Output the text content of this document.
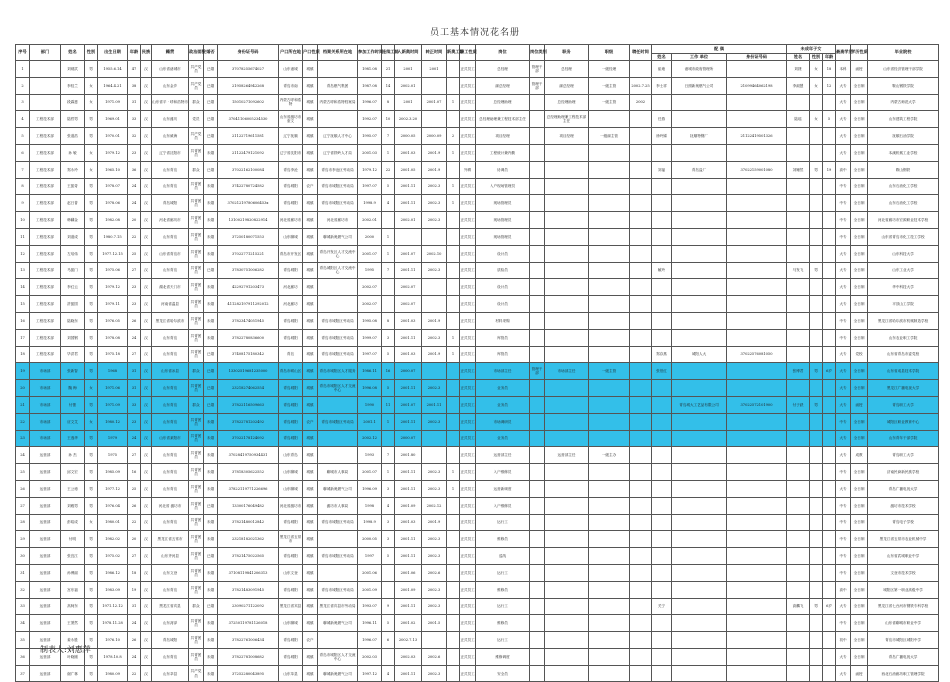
员工基本情况花名册
序号	部门	姓名	性别	出生日期	年龄	民族	籍贯	政治面貌	婚否	身份证号码	户口所在地	户口性质	档案关系所在地	参加工作时间	连续工龄	入新奥时间	转正时间	新奥工龄	职工性质	岗位	岗位类别	职务	职级	聘任时间	配 偶			未成年子女			最高学历	学历性质	毕业院校
																									姓名	工作 单位	身份证号码	姓名	性别	年龄			
1		刘炳武	男	1955.6.14	47	汉	山东省诸城市	共产党员	已婚	37078255674027	山东诸城	城镇		1981.08	21	2001	2001		正式员工	总经理	管理干部	总经理	一级经理		崔雍	诸城市政府管理所		刘捷	女	18	本科	函授	山东省经济管理干部学院
2		李桂兰	女	1964.4.21	38	汉	山东金乡	共产党员	已婚	21958264942268	青岛市南	城镇	青岛燃气集团	1987.08	14	2002.01			正式员工	副总经理	管理干部	副总经理	一级主管	2002.7.25	李士祥	日照新奥燃气公司	21099464062198	李淑慧	女	12	大专	全日制	鞍山钢铁学院
3		段霖惠	女	1971.09	31	汉	山东省平 · 呼和浩特市	群众	已婚	15010271092602	内蒙古呼和浩特	城镇	内蒙古呼和浩特档案局	1996.07	8	2001	2001.07	1	正式员工	总经理助理		总经理助理	一级主管	2002							大专	全日制	内蒙古师范大学
4	工程技术部	陆哲男	男	1969.01	33	汉	山东潍坊	党员	已婚	37041106005234530	山东省潍坊市奎文	城镇		1992.07	10	2002.3.20			正式员工	总经理助理兼工程技术部主任		总经理助理兼工程技术部主任			任燕			陆瑶	女	5	大专	全日制	山东建筑工程学院
5	工程技术部	张道浩	男	1970.01	32	汉	山东威海	共产党员	已婚	21122719611581	辽宁抚顺	城镇	辽宁抚顺人才中心	1995.07	7	2000.05	2000.09	2	正式员工	项目经理		项目经理	一级副主管		徐玲娣	抚顺特钢厂	21122419501326				大专	全日制	抚顺石油学院
6	工程技术部	孙 敏	女	1979.12	23	汉	辽宁省沈阳市	共青团员	未婚	21122479121092	辽宁省沈阳市	城镇	辽宁省铁岭人才局	2001.03	1	2001.03	2001.9	1	正式员工	工程统计兼内勤											大专	全日制	本溪机械工业学校
7	工程技术部	郑永玲	女	1965.10	36	汉	山东青岛	群众	已婚	37022162100084	青岛李沧	城镇	青岛市李沧区劳动局	1979.12	22	2001.05	2001.9		外聘	协调员					刘福	青岛盐厂	37022159001080	刘姗然	男	19	高中	全日制	鞍山钢铁
8	工程技术部	王振奇	男	1978.07	24	汉	山东青岛	共青团员	未婚	37422780724582	青岛城阳	农户	青岛市城阳区劳动局	1997.07	5	2001.11	2002.3	1	正式员工	入户现场管理员											中专	全日制	山东石油化工学校
9	工程技术部	赵曰普	男	1978.06	24	汉	青岛城阳	共青团员	未婚	37021219780606453x	青岛城阳	城镇	青岛市城阳区劳动局	1998.9	4	2001.11	2002.3	1	正式员工	现场管理员											中专	全日制	山东石油化工学校
10	工程技术部	韩翻金	男	1982.08	20	汉	河北省廊坊市	共青团员	未婚	13100219820822914	河北省廊坊市	城镇	河北省廊坊市	2002.01		2002.01	2002.3		正式员工	现场管理员											中专	全日制	河北省廊坊市宏源职业技术学校
11	工程技术部	刘道成	男	1980.7.15	22	汉	山东青岛	共青团员	未婚	37250180071553	山东聊城	城镇	聊城新奥燃气公司	2000	1				正式员工	现场管理员											中专	全日制	山东省青岛市化工技工学校
12	工程技术部	左培伟	男	1977.12.15	25	汉	山东省青岛市	共青团员	未婚	37022771215221	青岛市开发区	城镇	青岛开发区人才交流中心	2001.07	1	2001.07	2002.10		正式员工	设计员											大专	全日制	山东科技大学
13	工程技术部	马振门	男	1975.06	27	汉	山东青岛	共青团员	已婚	37830751006282	青岛城阳	城镇	青岛城阳区人才交流中心	1995	7	2001.11	2002.3		正式员工	质检员					臧玲			马发飞	男		大专	全日制	山东工业大学
14	工程技术部	李红云	男	1979.12	23	汉	湖北省天门市	共青团员	未婚	42292791203473	河北廊坊	城镇		2002.07		2002.07			正式员工	设计员											大专	全日制	华中科技大学
15	工程技术部	許振国	男	1979.11	23	汉	河南省温县	共青团员	未婚	411282197911292012	河北廊坊	城镇		2002.07		2002.07			正式员工	设计员											大专	全日制	平顶山工学院
16	工程技术部	陆晓东	男	1976.05	26	汉	黑龙江省哈尔滨市	共青团员	未婚	37823474051945	青岛城阳	城镇	青岛市城阳区劳动局	1995.08	8	2001.03	2001.9		正式员工	材料采购											中专	全日制	黑龙江省哈尔滨市机械制造学校
17	工程技术部	刘国钢	男	1978.08	24	汉	山东青岛	共青团员	未婚	37822780836600	青岛城阳	城镇	青岛市城阳区劳动局	1999.07	3	2001.11	2002.3	1	正式员工	库管员											中专	全日制	山东农业职工学院
18	工程技术部	毕洪君	男	1975.18	27	汉	山东青岛	共青团员	已婚	37408175180342	青岛	城镇	青岛市城阳区劳动局	1997.07	5	2001.03	2001.9	1	正式员工	库管员					郑存燕	城阳人大	37022576081050				大专	党校	山东省青岛市委党校
19	市场部	张新智	男	1968	31	汉	山东省冰县	群众	已婚	13302519681235000	青岛市崂山区	城镇	青岛市城阳区人才服务	1986.11	16	2000.07			正式员工	市场部主任	管理干部	市场部主任	一级主管		张伯红			张博君	男	6岁	大专	全日制	山东省成县技术学院
20	市场部	隗 梅	女	1971.06	31	汉	山东青岛	共青团员	已婚	23218274062554	青岛城阳	城镇	青岛市城阳区人才交流中心	1996.08	5	2001.11	2002.3		正式员工	业务员											大专	全日制	黑龙江广播电视大学
21	市场部	付蕾	男	1971.09	33	汉	山东青岛	群众	已婚	37822116509663	青岛城阳	城镇		1990	11	2001.07	2001.11		正式员工	业务员						青岛城大工艺品有限公司	37022572101900	付子跃	男		大专	函授	青岛职工大学
22	市场部	应文艾	女	1980.12	23	汉	山东青岛	共青团员	未婚	37822781202492	青岛城阳	农户	青岛市城阳区劳动局	2001.1	1	2001.11	2002.3		正式员工	市场调研员											中专	全日制	城阳区职业教育中心
23	市场部	王逸华	男	1979	24	汉	山东省莱阳市	共青团员	未婚	37022178124092	青岛城阳	城镇		2002.12		2000.07			正式员工	业务员											大专	全日制	山东青年干部学院
24	运营部	孙 杰	男	1975	27	汉	山东青岛	共青团员	未婚	37028419750934431	山东青岛	城镇		1993	7	2001.80			正式员工	运营部主任		运营部主任	一级主办								大专	成教	青岛职工大学
25	运营部	邱文宏	男	1985.09	16	汉	山东青岛	共青团员	未婚	37818305622552	山东聊城	城镇	聊城市人事局	2001.07	1	2001.11	2002.3	1	正式员工	入户维修员											中专	全日制	济南民商新民族学校
26	运营部	王公甫	男	1977.12	25	汉	山东青岛	共青团员	未婚	37822119771226696	山东聊城	城镇	聊城新奥燃气公司	1996.09	3	2001.11	2002.3	1	正式员工	运营新调度											大专	全日制	青岛广播电视大学
27	运营部	刘雅男	男	1976.04	26	汉	河北省 潍坊市	共青团员	已婚	13300176049482	河北省潍坊市	城镇	潍坊市人事局	1998	4	2001.09	2002.12		正式员工	入户维修员											中专	全日制	潍坊市技术学校
28	运营部	彭绍成	女	1980.01	22	汉	山东青岛	共青团员	未婚	37821480012842	青岛城阳	城镇	青岛市城阳区劳动局	1998.9	3	2001.03	2001.9		正式员工	运行工											中专	全日制	青岛电子学校
29	运营部	付明	男	1982.02	20	汉	黑龙江省五常市	共青团员	未婚	23218182021362	黑龙江省五常市	城镇		2000.05	3	2001.11	2002.3		正式员工	维修员											中专	全日制	黑龙江省五常市农业机械中学
30	运营部	张宜江	男	1975.02	27	汉	山东齐河县	共青团员	已婚	37821475022565	青岛城阳	城镇	青岛市城阳区劳动局	1997	5	2001.11	2002.3		正式员工	巡线											中专	全日制	山东省武城职业中学
31	运营部	孙博丽	男	1986.12	18	汉	山东文登	共青团员	未婚	37108119841206313	山东文登	城镇		2001.06		2001.06	2002.6		正式员工	运行工											中专	全日制	文登市技术学校
32	运营部	宫东福	男	1983.09	19	汉	山东青岛	共青团员	未婚	37821483091945	青岛城阳	城镇	青岛市城阳区劳动局	2001.09		2001.09	2002.3		正式员工	维修员											高中	全日制	城阳区第一职业高级中学
33	运营部	高柯东	男	1971.12.12	31	汉	黑龙江省宾县	群众	已婚	23090271122092	黑龙江省宾县	城镇	黑龙江省宾县市劳动局	1993.07	9	2001.11	2002.3		正式员工	运行工					关宁			高麟飞	男	6岁	大专	全日制	黑龙江省七台河市钢铁专科学校
34	运营部	王萧然	男	1978.11.28	24	汉	山东菏泽	共青团员	未婚	37250119781126018	山东聊城	城镇	聊城新奥燃气公司	1996.11	5	2001.02	2001.5		正式员工	维修员											中专	全日制	山东省聊城市职业中学
35	运营部	姜永胜	男	1976.10	26	汉	青岛城阳	共青团员	未婚	37822761006434	青岛城阳	农户		1996.07	6	2002.7.13			正式员工	运行工											初中	全日制	青岛市城阳区城阳中学
36	运营部	叶晓刚	男	1978.10.8	24	汉	山东青岛	共青团员	未婚	37822781008682	青岛城阳	城镇	青岛市城阳区人才交流中心	2002.03		2002.03	2002.6		正式员工	维修调度											大专	全日制	青岛广播电视大学
37	运营部	谢广林	男	1980.09	22	汉	山东莘县	共产党员	未婚	37252280043895	山东莘县	城镇	聊城新奥燃气公司	1997.12	4	2001.11	2002.3		正式员工	安全员											大专	函授	西北石油廊坊职工管理学院
制表人:刘惠萍
